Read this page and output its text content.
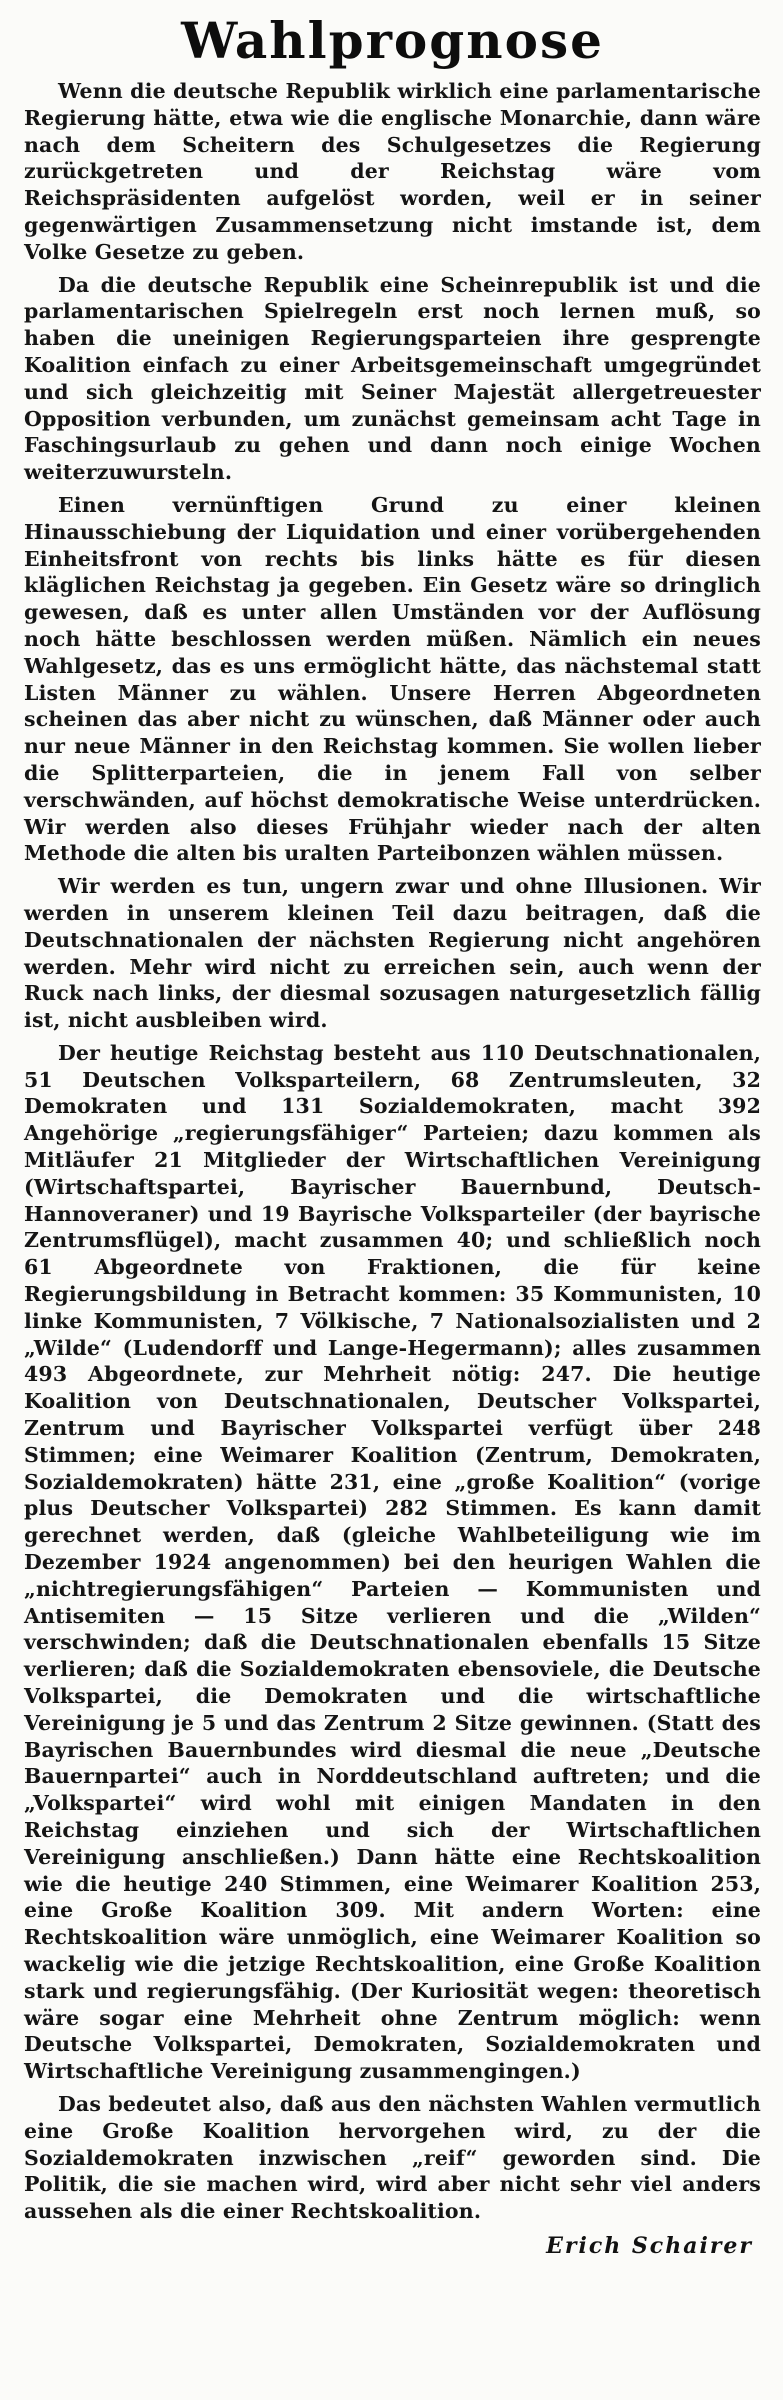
Wahlprognose

Wenn die deutsche Republik wirklich eine parlamentarische Regierung hätte, etwa wie die englische Monarchie, dann wäre nach dem Scheitern des Schulgesetzes die Regierung zurückgetreten und der Reichstag wäre vom Reichspräsidenten aufgelöst worden, weil er in seiner gegenwärtigen Zusammensetzung nicht imstande ist, dem Volke Gesetze zu geben.

Da die deutsche Republik eine Scheinrepublik ist und die parlamentarischen Spielregeln erst noch lernen muß, so haben die uneinigen Regierungsparteien ihre gesprengte Koalition einfach zu einer Arbeitsgemeinschaft umgegründet und sich gleichzeitig mit Seiner Majestät allergetreuester Opposition verbunden, um zunächst gemeinsam acht Tage in Faschingsurlaub zu gehen und dann noch einige Wochen weiterzuwursteln.

Einen vernünftigen Grund zu einer kleinen Hinausschiebung der Liquidation und einer vorübergehenden Einheitsfront von rechts bis links hätte es für diesen kläglichen Reichstag ja gegeben. Ein Gesetz wäre so dringlich gewesen, daß es unter allen Umständen vor der Auflösung noch hätte beschlossen werden müßen. Nämlich ein neues Wahlgesetz, das es uns ermöglicht hätte, das nächstemal statt Listen Männer zu wählen. Unsere Herren Abgeordneten scheinen das aber nicht zu wünschen, daß Männer oder auch nur neue Männer in den Reichstag kommen. Sie wollen lieber die Splitterparteien, die in jenem Fall von selber verschwänden, auf höchst demokratische Weise unterdrücken. Wir werden also dieses Frühjahr wieder nach der alten Methode die alten bis uralten Parteibonzen wählen müssen.

Wir werden es tun, ungern zwar und ohne Illusionen. Wir werden in unserem kleinen Teil dazu beitragen, daß die Deutschnationalen der nächsten Regierung nicht angehören werden. Mehr wird nicht zu erreichen sein, auch wenn der Ruck nach links, der diesmal sozusagen naturgesetzlich fällig ist, nicht ausbleiben wird.

Der heutige Reichstag besteht aus 110 Deutschnationalen, 51 Deutschen Volksparteilern, 68 Zentrumsleuten, 32 Demokraten und 131 Sozialdemokraten, macht 392 Angehörige „regierungsfähiger“ Parteien; dazu kommen als Mitläufer 21 Mitglieder der Wirtschaftlichen Vereinigung (Wirtschaftspartei, Bayrischer Bauernbund, Deutsch-Hannoveraner) und 19 Bayrische Volksparteiler (der bayrische Zentrumsflügel), macht zusammen 40; und schließlich noch 61 Abgeordnete von Fraktionen, die für keine Regierungsbildung in Betracht kommen: 35 Kommunisten, 10 linke Kommunisten, 7 Völkische, 7 Nationalsozialisten und 2 „Wilde“ (Ludendorff und Lange-Hegermann); alles zusammen 493 Abgeordnete, zur Mehrheit nötig: 247. Die heutige Koalition von Deutschnationalen, Deutscher Volkspartei, Zentrum und Bayrischer Volkspartei verfügt über 248 Stimmen; eine Weimarer Koalition (Zentrum, Demokraten, Sozialdemokraten) hätte 231, eine „große Koalition“ (vorige plus Deutscher Volkspartei) 282 Stimmen. Es kann damit gerechnet werden, daß (gleiche Wahlbeteiligung wie im Dezember 1924 angenommen) bei den heurigen Wahlen die „nichtregierungsfähigen“ Parteien — Kommunisten und Antisemiten — 15 Sitze verlieren und die „Wilden“ verschwinden; daß die Deutschnationalen ebenfalls 15 Sitze verlieren; daß die Sozialdemokraten ebensoviele, die Deutsche Volkspartei, die Demokraten und die wirtschaftliche Vereinigung je 5 und das Zentrum 2 Sitze gewinnen. (Statt des Bayrischen Bauernbundes wird diesmal die neue „Deutsche Bauernpartei“ auch in Norddeutschland auftreten; und die „Volkspartei“ wird wohl mit einigen Mandaten in den Reichstag einziehen und sich der Wirtschaftlichen Vereinigung anschließen.) Dann hätte eine Rechtskoalition wie die heutige 240 Stimmen, eine Weimarer Koalition 253, eine Große Koalition 309. Mit andern Worten: eine Rechtskoalition wäre unmöglich, eine Weimarer Koalition so wackelig wie die jetzige Rechtskoalition, eine Große Koalition stark und regierungsfähig. (Der Kuriosität wegen: theoretisch wäre sogar eine Mehrheit ohne Zentrum möglich: wenn Deutsche Volkspartei, Demokraten, Sozialdemokraten und Wirtschaftliche Vereinigung zusammengingen.)

Das bedeutet also, daß aus den nächsten Wahlen vermutlich eine Große Koalition hervorgehen wird, zu der die Sozialdemokraten inzwischen „reif“ geworden sind. Die Politik, die sie machen wird, wird aber nicht sehr viel anders aussehen als die einer Rechtskoalition.

Erich Schairer
